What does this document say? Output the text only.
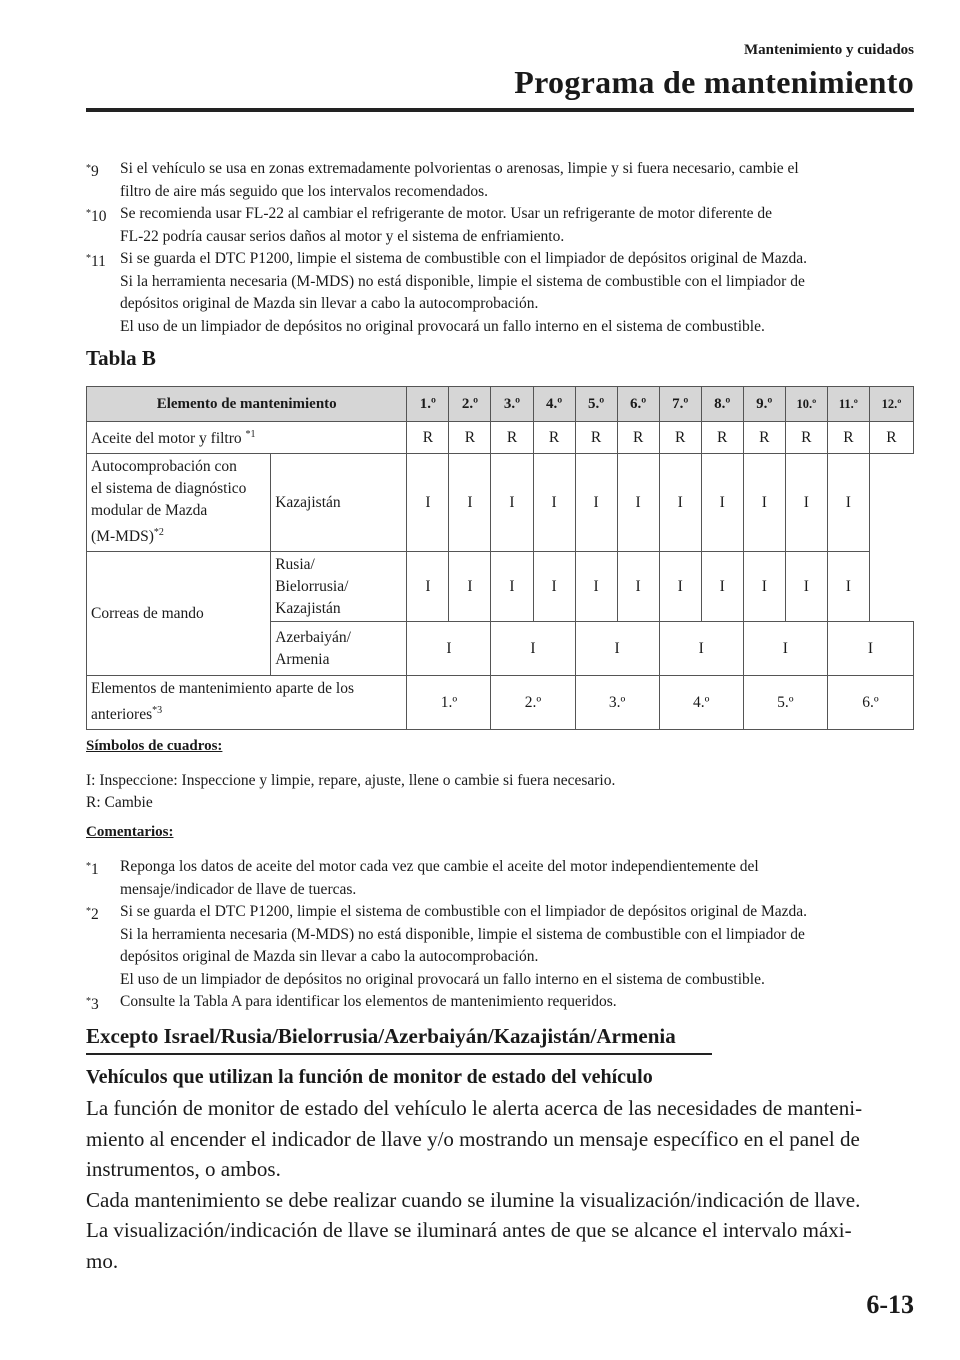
Mantenimiento y cuidados
Programa de mantenimiento
*9	Si el vehículo se usa en zonas extremadamente polvorientas o arenosas, limpie y si fuera necesario, cambie el
filtro de aire más seguido que los intervalos recomendados.
*10 Se recomienda usar FL-22 al cambiar el refrigerante de motor. Usar un refrigerante de motor diferente de
FL-22 podría causar serios daños al motor y el sistema de enfriamiento.
*11 Si se guarda el DTC P1200, limpie el sistema de combustible con el limpiador de depósitos original de Mazda.
Si la herramienta necesaria (M-MDS) no está disponible, limpie el sistema de combustible con el limpiador de
depósitos original de Mazda sin llevar a cabo la autocomprobación.
El uso de un limpiador de depósitos no original provocará un fallo interno en el sistema de combustible.
Tabla B
Elemento de mantenimiento		1.º	2.º	3.º	4.º	5.º	6.º	7.º	8.º	9.º	10.º	11.º	12.º
Aceite del motor y filtro $^{*1}$		R	R	R	R	R	R	R	R	R	R	R	R

Autocomprobación con
el sistema de diagnóstico
modular de Mazda
$(M-MDS)^{*2}$	Kazajistán	I	I	I	I	I	I	I	I	I	I	I	
Correas de mando	Rusia/
Bielorrusia/
Kazajistán	I	I	I	I	I	I	I	I	I	I	I	

	Azerbaiyán/
Armenia	I		I		I		I		I		I	

Elementos de mantenimiento aparte de los
anteriores$^{*3}$		1.º		2.º		3.º		4.º		5.º		6.º	
Símbolos de cuadros:
I: Inspeccione: Inspeccione y limpie, repare, ajuste, llene o cambie si fuera necesario.
R: Cambie
Comentarios:
*1	Reponga los datos de aceite del motor cada vez que cambie el aceite del motor independientemente del
mensaje/indicador de llave de tuercas.
*2	Si se guarda el DTC P1200, limpie el sistema de combustible con el limpiador de depósitos original de Mazda.
Si la herramienta necesaria (M-MDS) no está disponible, limpie el sistema de combustible con el limpiador de
depósitos original de Mazda sin llevar a cabo la autocomprobación.
El uso de un limpiador de depósitos no original provocará un fallo interno en el sistema de combustible.
*3	Consulte la Tabla A para identificar los elementos de mantenimiento requeridos.
Excepto Israel/Rusia/Bielorrusia/Azerbaiyán/Kazajistán/Armenia
Vehículos que utilizan la función de monitor de estado del vehículo
La función de monitor de estado del vehículo le alerta acerca de las necesidades de manteni-
miento al encender el indicador de llave y/o mostrando un mensaje específico en el panel de
instrumentos, o ambos.
Cada mantenimiento se debe realizar cuando se ilumine la visualización/indicación de llave.
La visualización/indicación de llave se iluminará antes de que se alcance el intervalo máxi-
mo.
6-13
